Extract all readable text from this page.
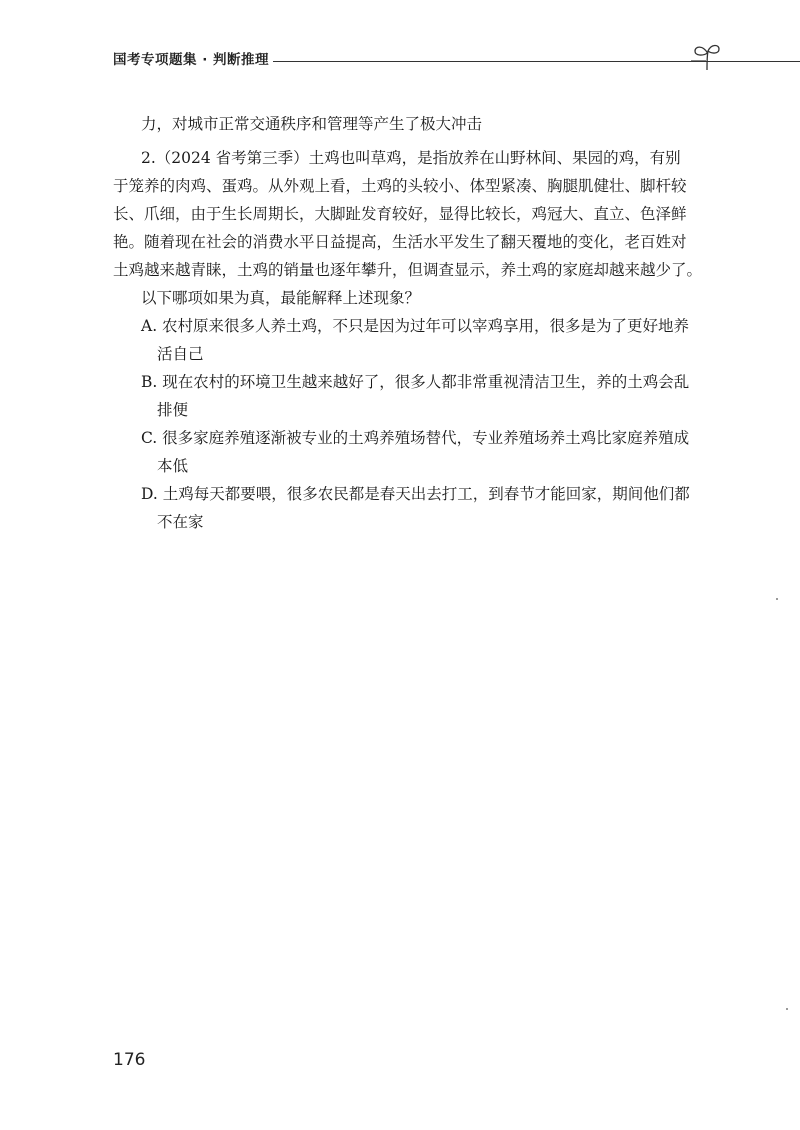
国考专项题集 · 判断推理
力，对城市正常交通秩序和管理等产生了极大冲击
2.（2024 省考第三季）土鸡也叫草鸡，是指放养在山野林间、果园的鸡，有别
于笼养的肉鸡、蛋鸡。从外观上看，土鸡的头较小、体型紧凑、胸腿肌健壮、脚杆较
长、爪细，由于生长周期长，大脚趾发育较好，显得比较长，鸡冠大、直立、色泽鲜
艳。随着现在社会的消费水平日益提高，生活水平发生了翻天覆地的变化，老百姓对
土鸡越来越青睐，土鸡的销量也逐年攀升，但调查显示，养土鸡的家庭却越来越少了。
以下哪项如果为真，最能解释上述现象？
A. 农村原来很多人养土鸡，不只是因为过年可以宰鸡享用，很多是为了更好地养
活自己
B. 现在农村的环境卫生越来越好了，很多人都非常重视清洁卫生，养的土鸡会乱
排便
C. 很多家庭养殖逐渐被专业的土鸡养殖场替代，专业养殖场养土鸡比家庭养殖成
本低
D. 土鸡每天都要喂，很多农民都是春天出去打工，到春节才能回家，期间他们都
不在家
176
